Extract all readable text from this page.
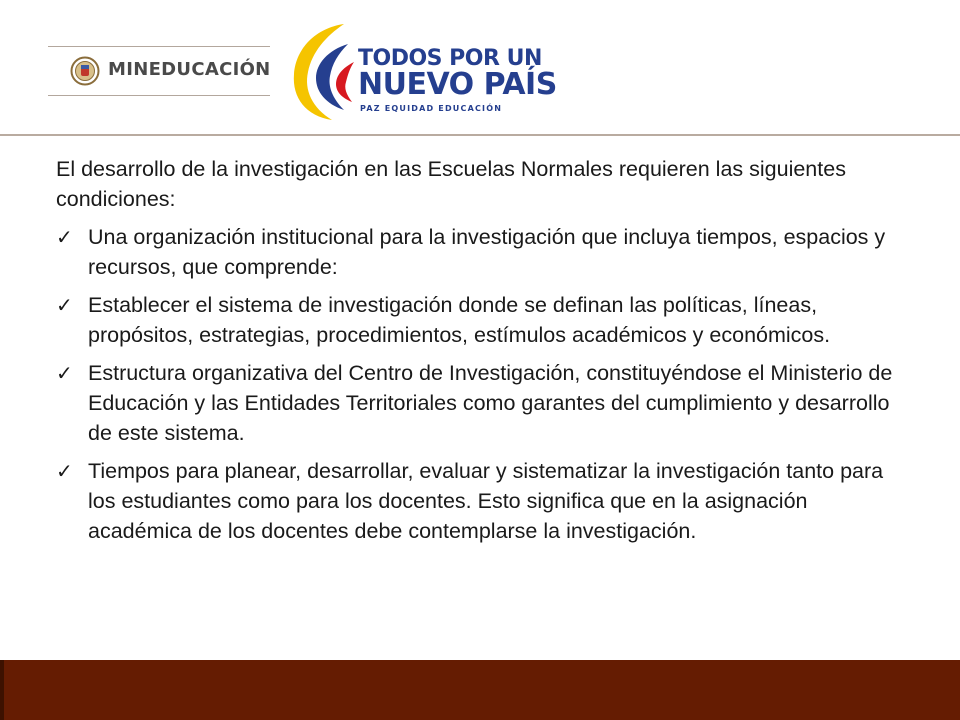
MINEDUCACIÓN	TODOS POR UN
NUEVO PAÍS
PAZ EQUIDAD EDUCACIÓN

El desarrollo de la investigación en las Escuelas Normales requieren las siguientes condiciones:

✓ Una organización institucional para la investigación que incluya tiempos, espacios y recursos, que comprende:
✓ Establecer el sistema de investigación donde se definan las políticas, líneas, propósitos, estrategias, procedimientos, estímulos académicos y económicos.
✓ Estructura organizativa del Centro de Investigación, constituyéndose el Ministerio de Educación y las Entidades Territoriales como garantes del cumplimiento y desarrollo de este sistema.
✓ Tiempos para planear, desarrollar, evaluar y sistematizar la investigación tanto para los estudiantes como para los docentes. Esto significa que en la asignación académica de los docentes debe contemplarse la investigación.
